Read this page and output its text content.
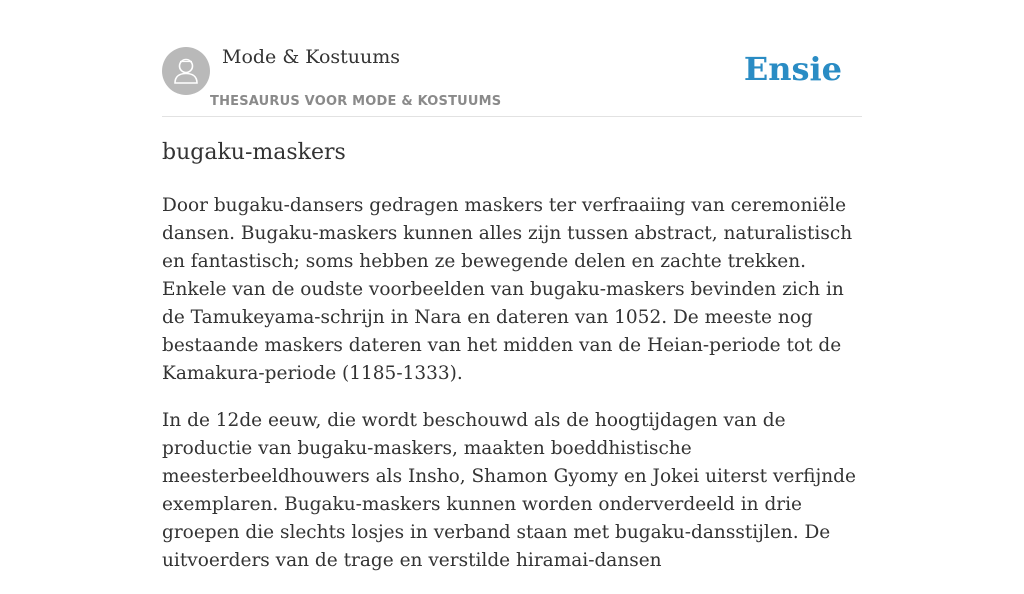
Mode & Kostuums
THESAURUS VOOR MODE & KOSTUUMS
Ensie
bugaku-maskers

Door bugaku-dansers gedragen maskers ter verfraaiing van ceremoniële dansen. Bugaku-maskers kunnen alles zijn tussen abstract, naturalistisch en fantastisch; soms hebben ze bewegende delen en zachte trekken. Enkele van de oudste voorbeelden van bugaku-maskers bevinden zich in de Tamukeyama-schrijn in Nara en dateren van 1052. De meeste nog bestaande maskers dateren van het midden van de Heian-periode tot de Kamakura-periode (1185-1333).

In de 12de eeuw, die wordt beschouwd als de hoogtijdagen van de productie van bugaku-maskers, maakten boeddhistische meesterbeeldhouwers als Insho, Shamon Gyomy en Jokei uiterst verfijnde exemplaren. Bugaku-maskers kunnen worden onderverdeeld in drie groepen die slechts losjes in verband staan met bugaku-dansstijlen. De uitvoerders van de trage en verstilde hiramai-dansen
